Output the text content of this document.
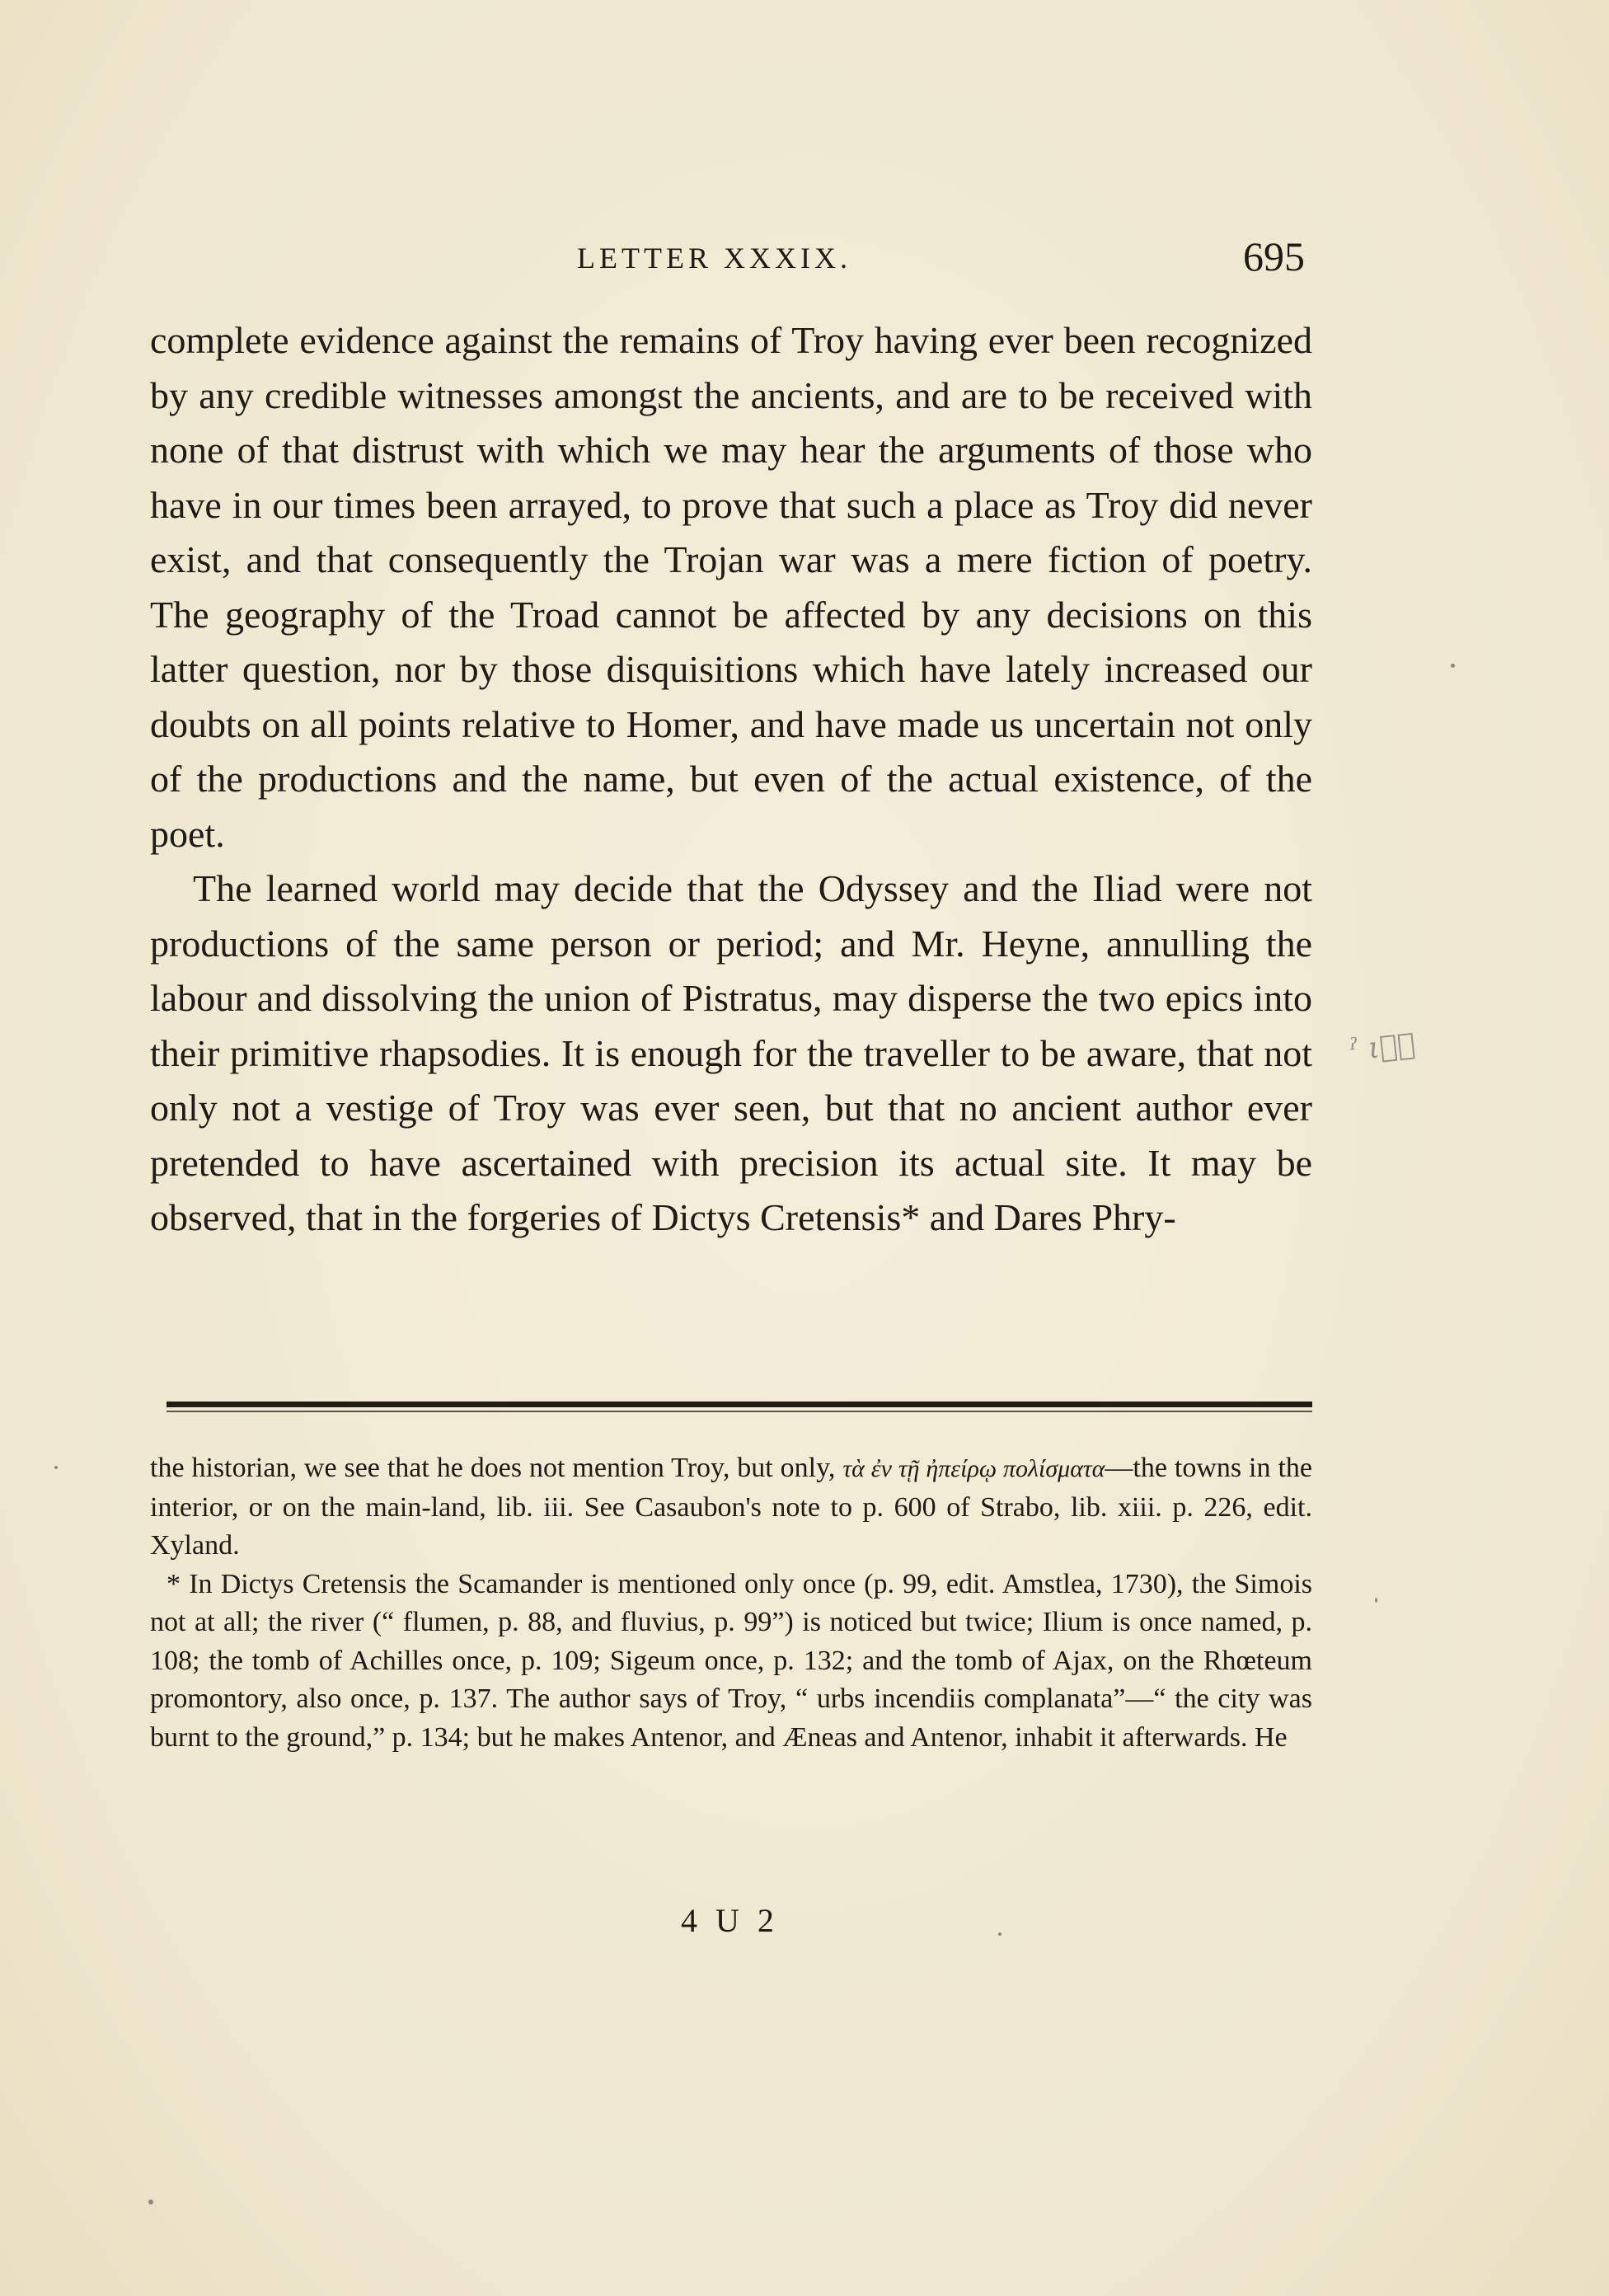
LETTER XXXIX.	695

complete evidence against the remains of Troy having ever been recognized by any credible witnesses amongst the ancients, and are to be received with none of that distrust with which we may hear the arguments of those who have in our times been arrayed, to prove that such a place as Troy did never exist, and that consequently the Trojan war was a mere fiction of poetry. The geography of the Troad cannot be affected by any decisions on this latter question, nor by those disquisitions which have lately increased our doubts on all points relative to Homer, and have made us uncertain not only of the productions and the name, but even of the actual existence, of the poet.

The learned world may decide that the Odyssey and the Iliad were not productions of the same person or period; and Mr. Heyne, annulling the labour and dissolving the union of Pistratus, may disperse the two epics into their primitive rhapsodies. It is enough for the traveller to be aware, that not only not a vestige of Troy was ever seen, but that no ancient author ever pretended to have ascertained with precision its actual site. It may be observed, that in the forgeries of Dictys Cretensis* and Dares Phry-

ˀ ι᷊ᷘ

the historian, we see that he does not mention Troy, but only, τὰ ἐν τῇ ἠπείρῳ πολίσματα—the towns in the interior, or on the main-land, lib. iii. See Casaubon's note to p. 600 of Strabo, lib. xiii. p. 226, edit. Xyland.

* In Dictys Cretensis the Scamander is mentioned only once (p. 99, edit. Amstlea, 1730), the Simois not at all; the river (“ flumen, p. 88, and fluvius, p. 99”) is noticed but twice; Ilium is once named, p. 108; the tomb of Achilles once, p. 109; Sigeum once, p. 132; and the tomb of Ajax, on the Rhœteum promontory, also once, p. 137. The author says of Troy, “ urbs incendiis complanata”—“ the city was burnt to the ground,” p. 134; but he makes Antenor, and Æneas and Antenor, inhabit it afterwards. He

4 U 2
